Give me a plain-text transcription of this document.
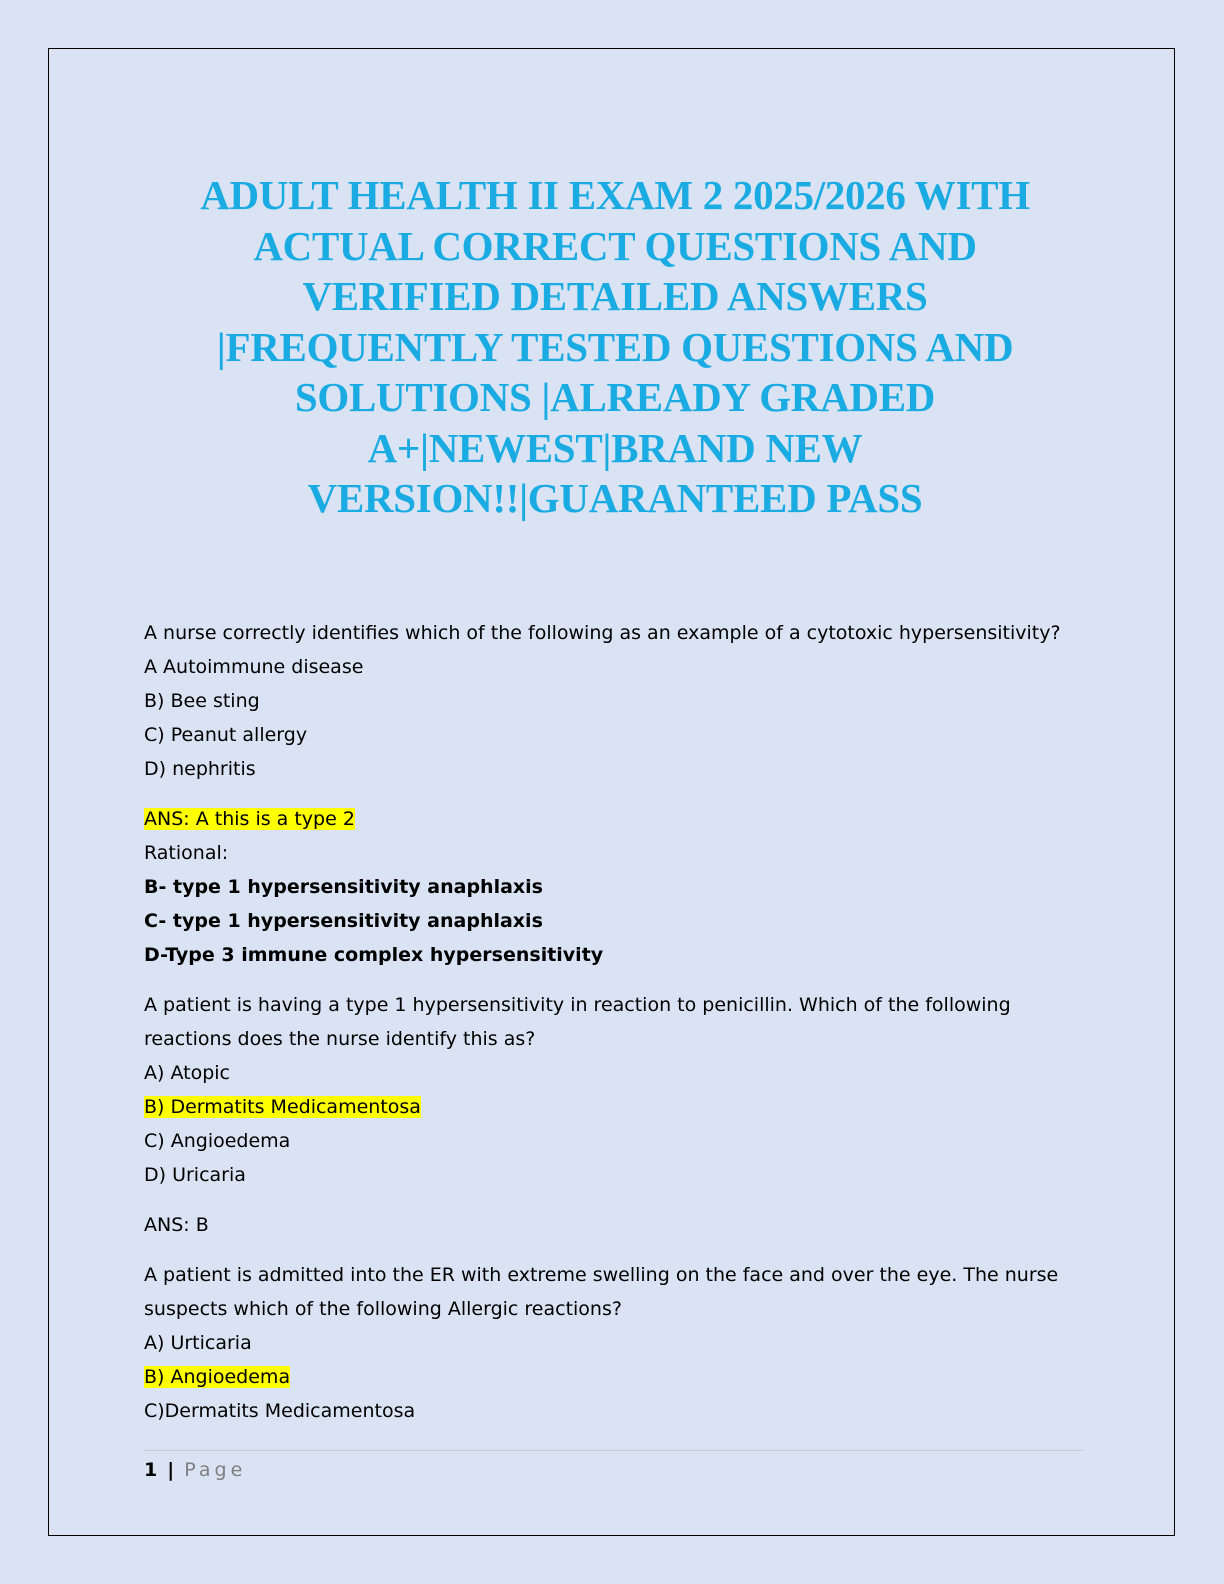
ADULT HEALTH II EXAM 2 2025/2026 WITH
ACTUAL CORRECT QUESTIONS AND
VERIFIED DETAILED ANSWERS
|FREQUENTLY TESTED QUESTIONS AND
SOLUTIONS |ALREADY GRADED
A+|NEWEST|BRAND NEW
VERSION!!|GUARANTEED PASS
A nurse correctly identifies which of the following as an example of a cytotoxic hypersensitivity?
A Autoimmune disease
B) Bee sting
C) Peanut allergy
D) nephritis
ANS: A this is a type 2
Rational:
B- type 1 hypersensitivity anaphlaxis
C- type 1 hypersensitivity anaphlaxis
D-Type 3 immune complex hypersensitivity
A patient is having a type 1 hypersensitivity in reaction to penicillin. Which of the following
reactions does the nurse identify this as?
A) Atopic
B) Dermatits Medicamentosa
C) Angioedema
D) Uricaria
ANS: B
A patient is admitted into the ER with extreme swelling on the face and over the eye. The nurse
suspects which of the following Allergic reactions?
A) Urticaria
B) Angioedema
C)Dermatits Medicamentosa
1 | Page
